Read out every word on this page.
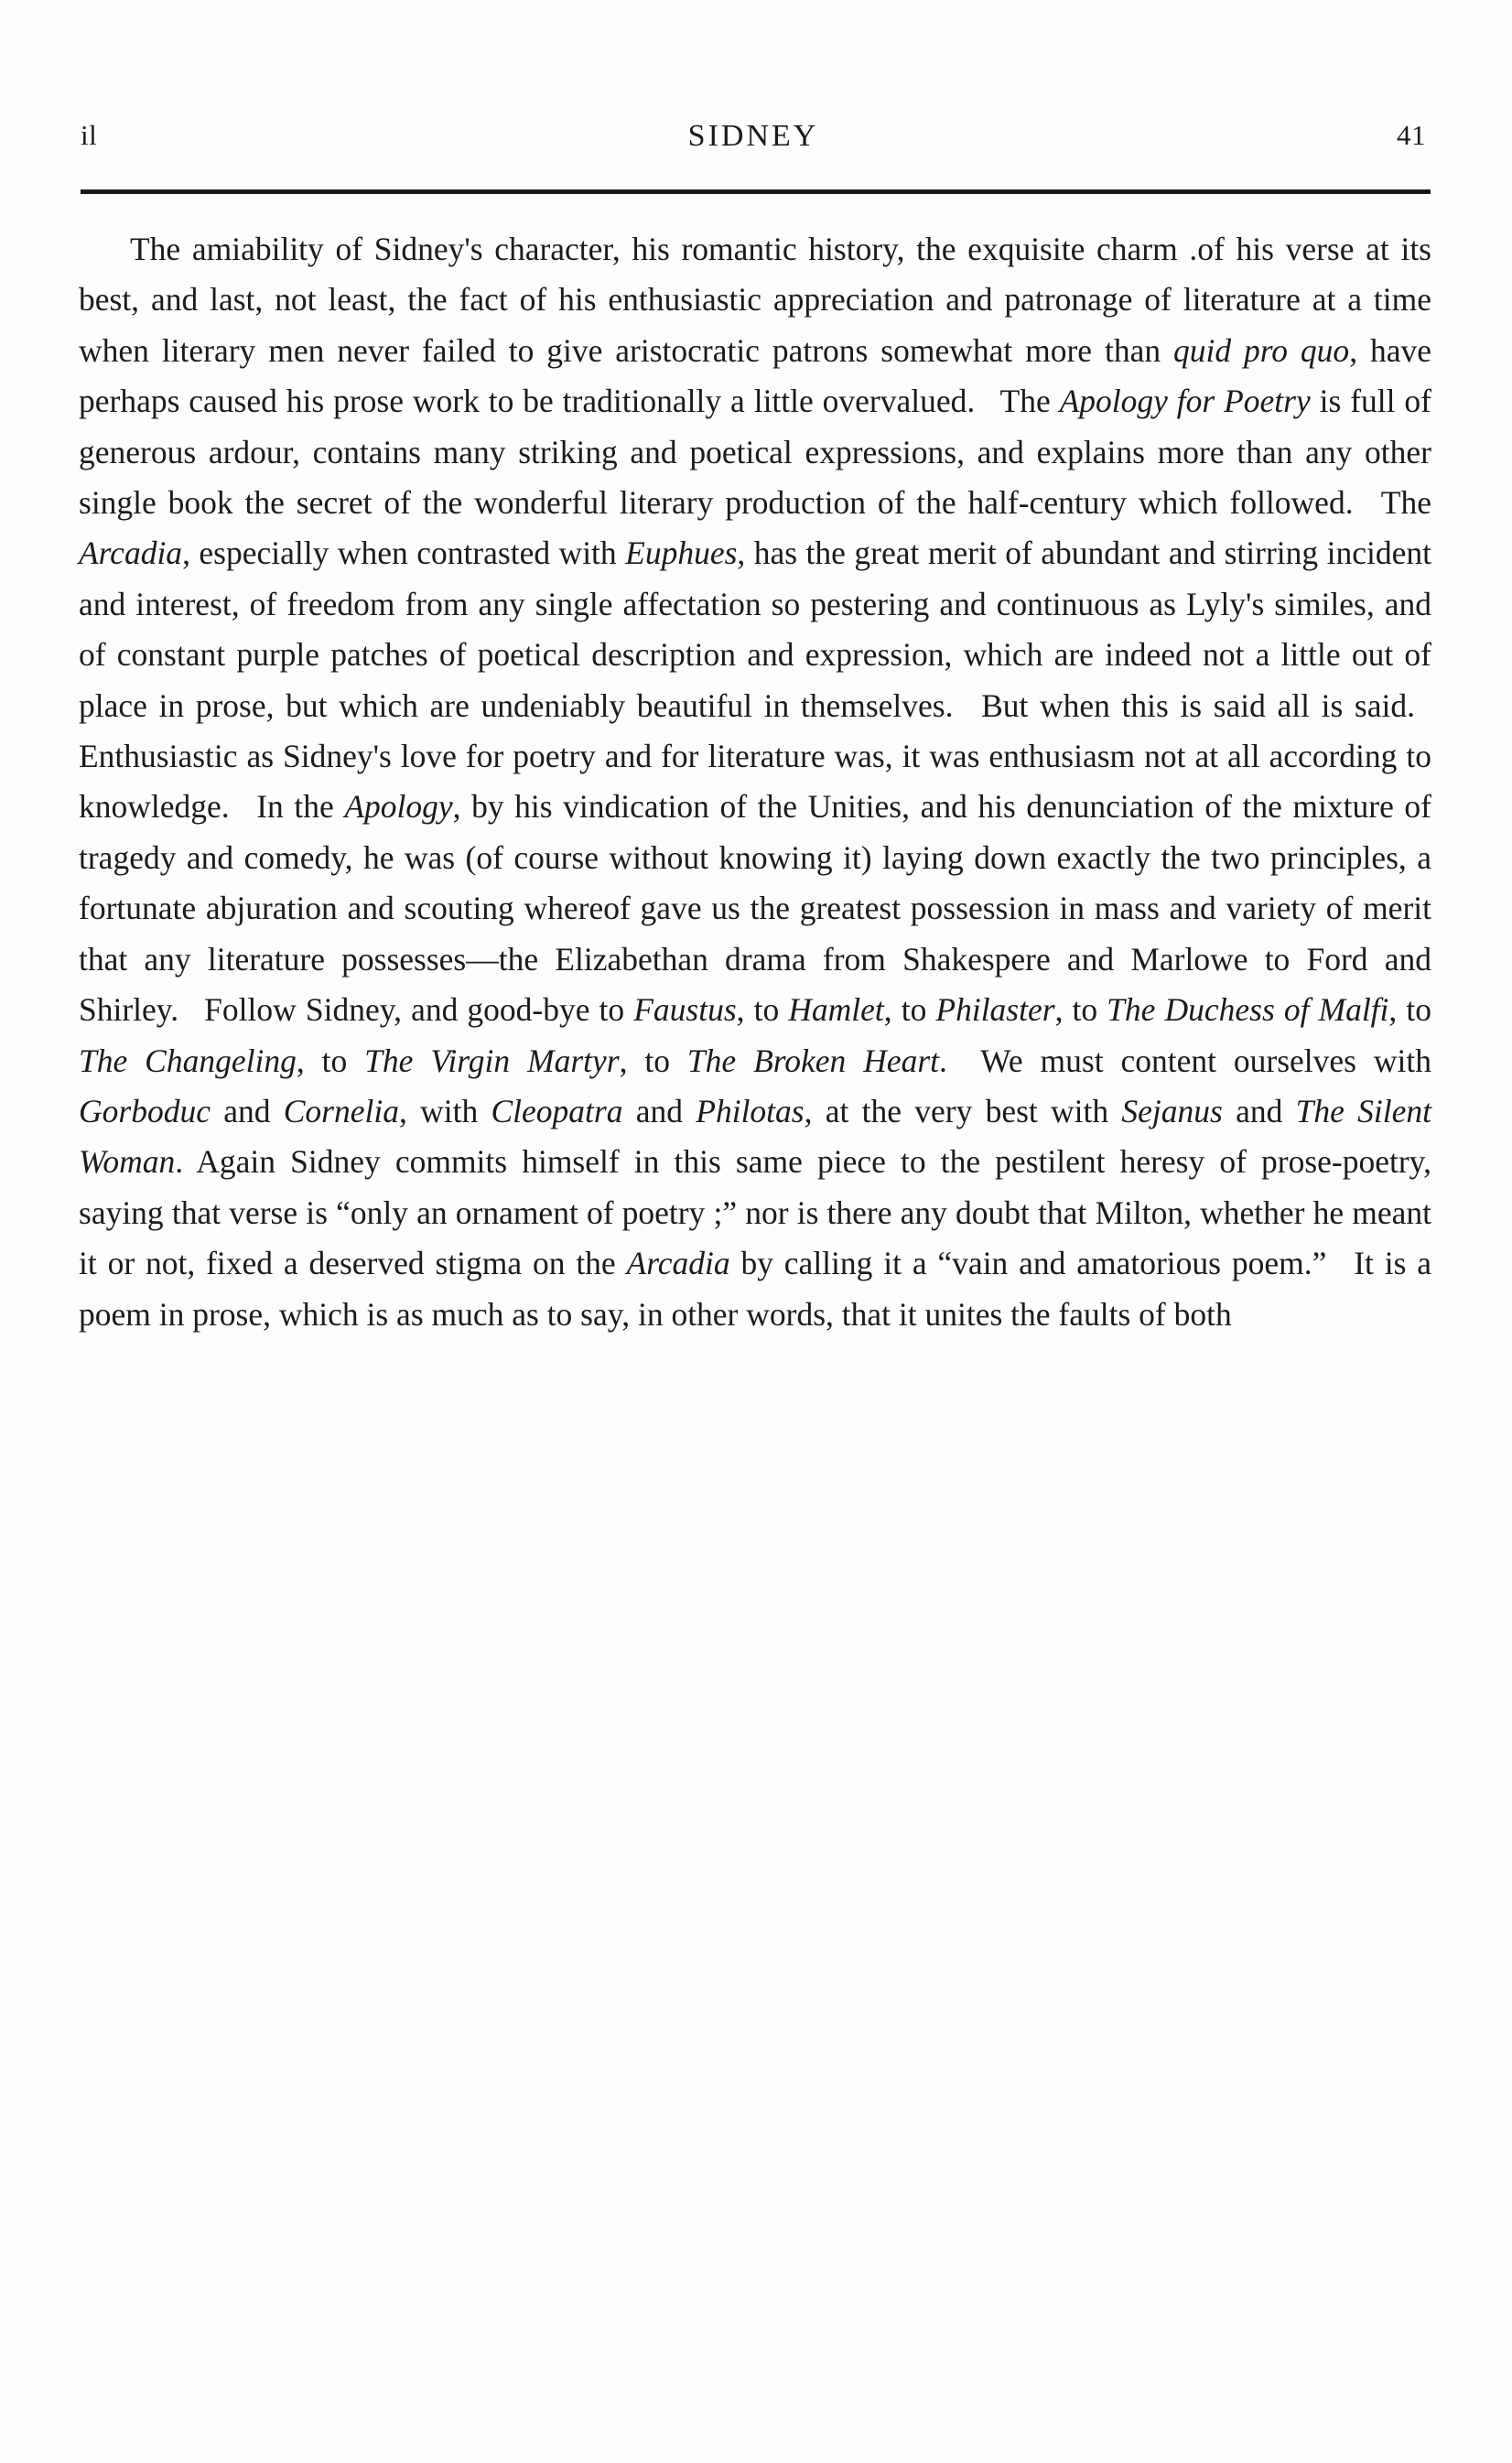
il	SIDNEY	41

The amiability of Sidney's character, his romantic history, the exquisite charm .of his verse at its best, and last, not least, the fact of his enthusiastic appreciation and patronage of literature at a time when literary men never failed to give aristocratic patrons somewhat more than quid pro quo, have perhaps caused his prose work to be traditionally a little overvalued. The Apology for Poetry is full of generous ardour, contains many striking and poetical expressions, and explains more than any other single book the secret of the wonderful literary production of the half-century which followed. The Arcadia, especially when contrasted with Euphues, has the great merit of abundant and stirring incident and interest, of freedom from any single affectation so pestering and continuous as Lyly's similes, and of constant purple patches of poetical description and expression, which are indeed not a little out of place in prose, but which are undeniably beautiful in themselves. But when this is said all is said. Enthusiastic as Sidney's love for poetry and for literature was, it was enthusiasm not at all according to knowledge. In the Apology, by his vindication of the Unities, and his denunciation of the mixture of tragedy and comedy, he was (of course without knowing it) laying down exactly the two principles, a fortunate abjuration and scouting whereof gave us the greatest possession in mass and variety of merit that any literature possesses—the Elizabethan drama from Shakespere and Marlowe to Ford and Shirley. Follow Sidney, and good-bye to Faustus, to Hamlet, to Philaster, to The Duchess of Malfi, to The Changeling, to The Virgin Martyr, to The Broken Heart. We must content ourselves with Gorboduc and Cornelia, with Cleopatra and Philotas, at the very best with Sejanus and The Silent Woman. Again Sidney commits himself in this same piece to the pestilent heresy of prose-poetry, saying that verse is “only an ornament of poetry ;” nor is there any doubt that Milton, whether he meant it or not, fixed a deserved stigma on the Arcadia by calling it a “vain and amatorious poem.” It is a poem in prose, which is as much as to say, in other words, that it unites the faults of both
